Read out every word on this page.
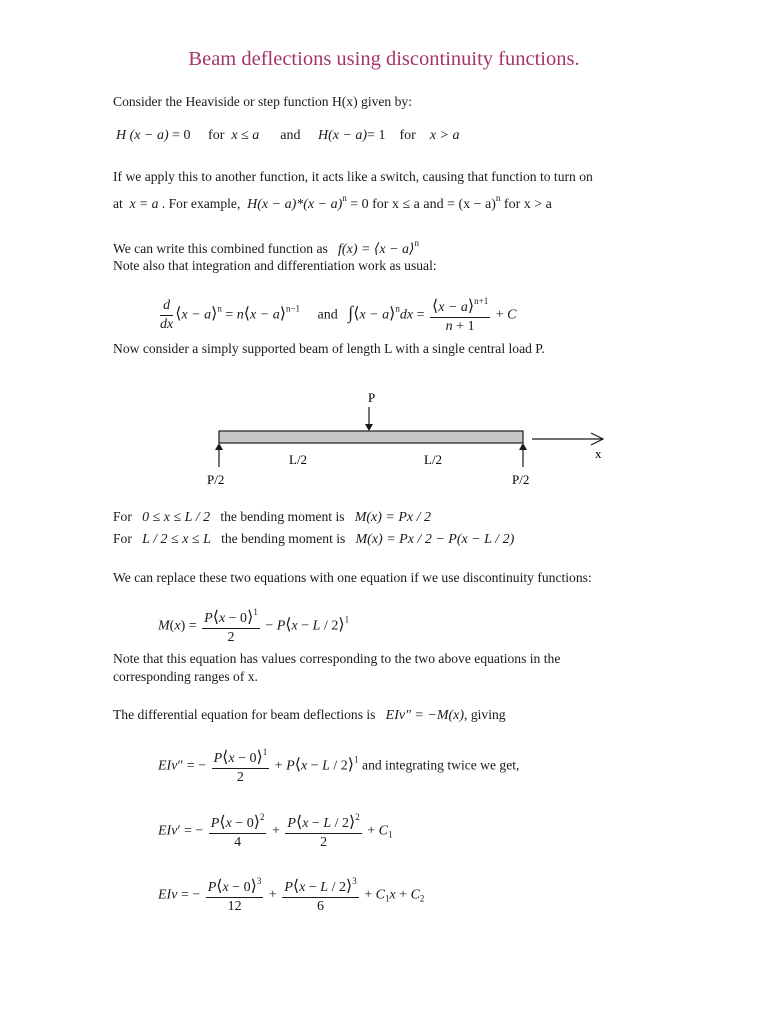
Beam deflections using discontinuity functions.
Consider the Heaviside or step function H(x) given by:
H (x − a) = 0 for x ≤ a and H(x − a)= 1 for x > a
If we apply this to another function, it acts like a switch, causing that function to turn on
at x = a . For example, $H(x - a)*(x - a)^n = 0$ for x ≤ a and = $(x - a)^n$ for x > a
We can write this combined function as f(x) = ⟨x − a⟩$^n$
Note also that integration and differentiation work as usual:
$\frac{d}{dx}$ ⟨x − a⟩$^n$ = n⟨x − a⟩$^{n-1}$     and   ∫⟨x − a⟩$^n$dx = $\frac{⟨x - a⟩^{n+1}}{n + 1} + C$
Now consider a simply supported beam of length L with a single central load P.
P
x
L/2	L/2
P/2	P/2
For 0 ≤ x ≤ L / 2 the bending moment is M(x) = Px / 2
For L / 2 ≤ x ≤ L the bending moment is M(x) = Px / 2 − P(x − L / 2)
We can replace these two equations with one equation if we use discontinuity functions:
$M(x) = \frac{P⟨x - 0⟩^1}{2}$ − P⟨x − L / 2⟩$^1$
Note that this equation has values corresponding to the two above equations in the
corresponding ranges of x.
The differential equation for beam deflections is EIv″ = −M(x), giving
EIv″ = − $\frac{P⟨x - 0⟩^1}{2}$ + P⟨x − L / 2⟩$^1$ and integrating twice we get,
EIv′ = − $\frac{P⟨x - 0⟩^2}{4} + \frac{P⟨x - L / 2⟩^2}{2} + C_1$
EIv = − $\frac{P⟨x - 0⟩^3}{12} + \frac{P⟨x - L / 2⟩^3}{6} + C_1x + C_2$
